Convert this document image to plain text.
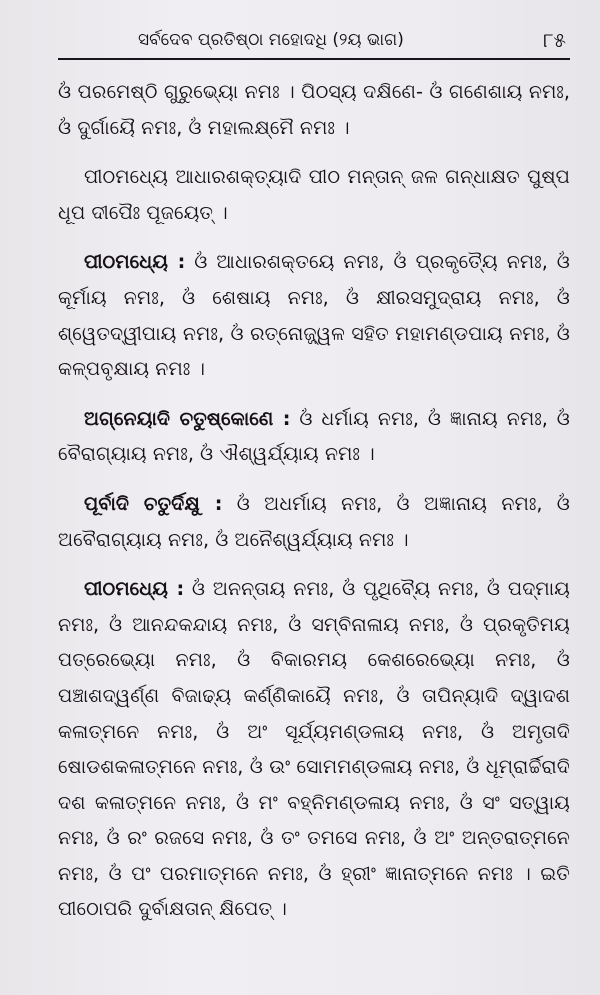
ସର୍ବଦେବ ପ୍ରତିଷ୍ଠା ମହୋଦଧି (୨ୟ ଭାଗ)	୮୫

ଓଁ ପରମେଷ୍ଠି ଗୁରୁଭ୍ୟୋ ନମଃ । ପିଠସ୍ୟ ଦକ୍ଷିଣେ- ଓଁ ଗଣେଶାୟ ନମଃ, ଓଁ ଦୁର୍ଗାୟୈ ନମଃ, ଓଁ ମହାଲକ୍ଷ୍ମୈ ନମଃ ।

ପୀଠମଧ୍ୟେ ଆଧାରଶକ୍ତ୍ୟାଦି ପୀଠ ମନ୍ତାନ୍ ଜଳ ଗନ୍ଧାକ୍ଷତ ପୁଷ୍ପ ଧୂପ ଦୀପୈଃ ପୂଜୟେତ୍ ।

ପୀଠମଧ୍ୟେ : ଓଁ ଆଧାରଶକ୍ତୟେ ନମଃ, ଓଁ ପ୍ରକୃତ୍ୟୈ ନମଃ, ଓଁ କୂର୍ମାୟ ନମଃ, ଓଁ ଶେଷାୟ ନମଃ, ଓଁ କ୍ଷୀରସମୁଦ୍ରାୟ ନମଃ, ଓଁ ଶ୍ୱେତଦ୍ୱୀପାୟ ନମଃ, ଓଁ ରତ୍ନୋଜ୍ଜ୍ୱଳ ସହିତ ମହାମଣ୍ଡପାୟ ନମଃ, ଓଁ କଳ୍ପବୃକ୍ଷାୟ ନମଃ ।

ଅଗ୍ନେୟାଦି ଚତୁଷ୍କୋଣେ : ଓଁ ଧର୍ମାୟ ନମଃ, ଓଁ ଜ୍ଞାନାୟ ନମଃ, ଓଁ ବୈରାଗ୍ୟାୟ ନମଃ, ଓଁ ଐଶ୍ୱର୍ଯ୍ୟାୟ ନମଃ ।

ପୂର୍ବାଦି ଚତୁର୍ଦିକ୍ଷୁ : ଓଁ ଅଧର୍ମାୟ ନମଃ, ଓଁ ଅଜ୍ଞାନାୟ ନମଃ, ଓଁ ଅବୈରାଗ୍ୟାୟ ନମଃ, ଓଁ ଅନୈଶ୍ୱର୍ଯ୍ୟାୟ ନମଃ ।

ପୀଠମଧ୍ୟେ : ଓଁ ଅନନ୍ତାୟ ନମଃ, ଓଁ ପୃଥିବ୍ୟୈ ନମଃ, ଓଁ ପଦ୍ମାୟ ନମଃ, ଓଁ ଆନନ୍ଦକନ୍ଦାୟ ନମଃ, ଓଁ ସମ୍ବିନାଳାୟ ନମଃ, ଓଁ ପ୍ରକୃତିମୟ ପତ୍ରେଭ୍ୟୋ ନମଃ, ଓଁ ବିକାରମୟ କେଶରେଭ୍ୟୋ ନମଃ, ଓଁ ପଞ୍ଚାଶଦ୍ୱର୍ଣ୍ଣ ବିଜାଢ୍ୟ କର୍ଣ୍ଣିକାୟୈ ନମଃ, ଓଁ ତାପିନ୍ୟାଦି ଦ୍ୱାଦଶ କଳାତ୍ମନେ ନମଃ, ଓଁ ଅଂ ସୂର୍ଯ୍ୟମଣ୍ଡଳାୟ ନମଃ, ଓଁ ଅମୃତାଦି ଷୋଡଶକଳାତ୍ମନେ ନମଃ, ଓଁ ଉଂ ସୋମମଣ୍ଡଳାୟ ନମଃ, ଓଁ ଧୂମ୍ରାର୍ଚ୍ଚିରାଦି ଦଶ କଳାତ୍ମନେ ନମଃ, ଓଁ ମଂ ବହ୍ନିମଣ୍ଡଳାୟ ନମଃ, ଓଁ ସଂ ସତ୍ୱାୟ ନମଃ, ଓଁ ରଂ ରଜସେ ନମଃ, ଓଁ ତଂ ତମସେ ନମଃ, ଓଁ ଅଂ ଅନ୍ତରାତ୍ମନେ ନମଃ, ଓଁ ପଂ ପରମାତ୍ମନେ ନମଃ, ଓଁ ହ୍ରୀଂ ଜ୍ଞାନାତ୍ମନେ ନମଃ । ଇତି ପୀଠୋପରି ଦୁର୍ବାକ୍ଷତାନ୍ କ୍ଷିପେତ୍ ।
